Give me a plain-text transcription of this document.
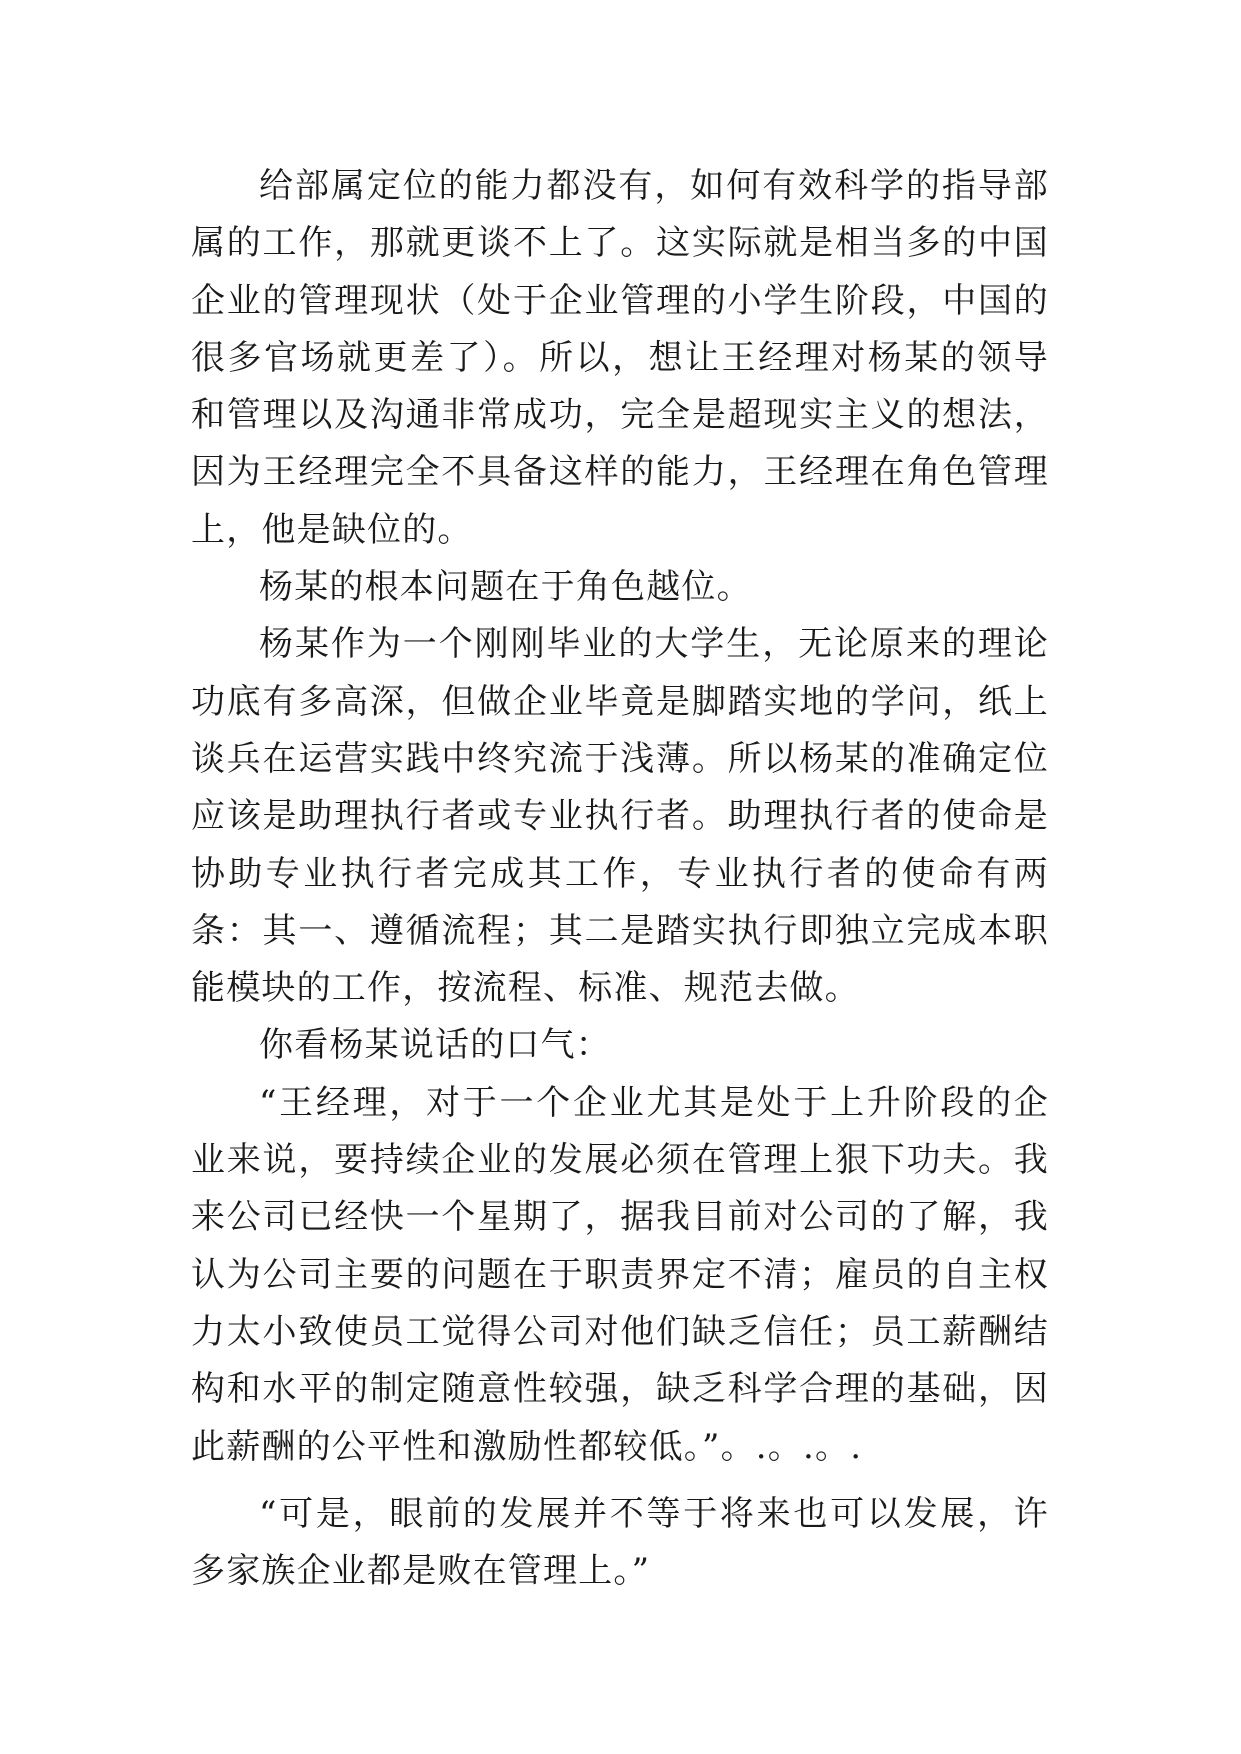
给部属定位的能力都没有，如何有效科学的指导部属的工作，那就更谈不上了。这实际就是相当多的中国企业的管理现状（处于企业管理的小学生阶段，中国的很多官场就更差了）。所以，想让王经理对杨某的领导和管理以及沟通非常成功，完全是超现实主义的想法，因为王经理完全不具备这样的能力，王经理在角色管理上，他是缺位的。

杨某的根本问题在于角色越位。

杨某作为一个刚刚毕业的大学生，无论原来的理论功底有多高深，但做企业毕竟是脚踏实地的学问，纸上谈兵在运营实践中终究流于浅薄。所以杨某的准确定位应该是助理执行者或专业执行者。助理执行者的使命是协助专业执行者完成其工作，专业执行者的使命有两条：其一、遵循流程；其二是踏实执行即独立完成本职能模块的工作，按流程、标准、规范去做。

你看杨某说话的口气：

“王经理，对于一个企业尤其是处于上升阶段的企业来说，要持续企业的发展必须在管理上狠下功夫。我来公司已经快一个星期了，据我目前对公司的了解，我认为公司主要的问题在于职责界定不清；雇员的自主权力太小致使员工觉得公司对他们缺乏信任；员工薪酬结构和水平的制定随意性较强，缺乏科学合理的基础，因此薪酬的公平性和激励性都较低。”。.。.。.

“可是，眼前的发展并不等于将来也可以发展，许多家族企业都是败在管理上。”
